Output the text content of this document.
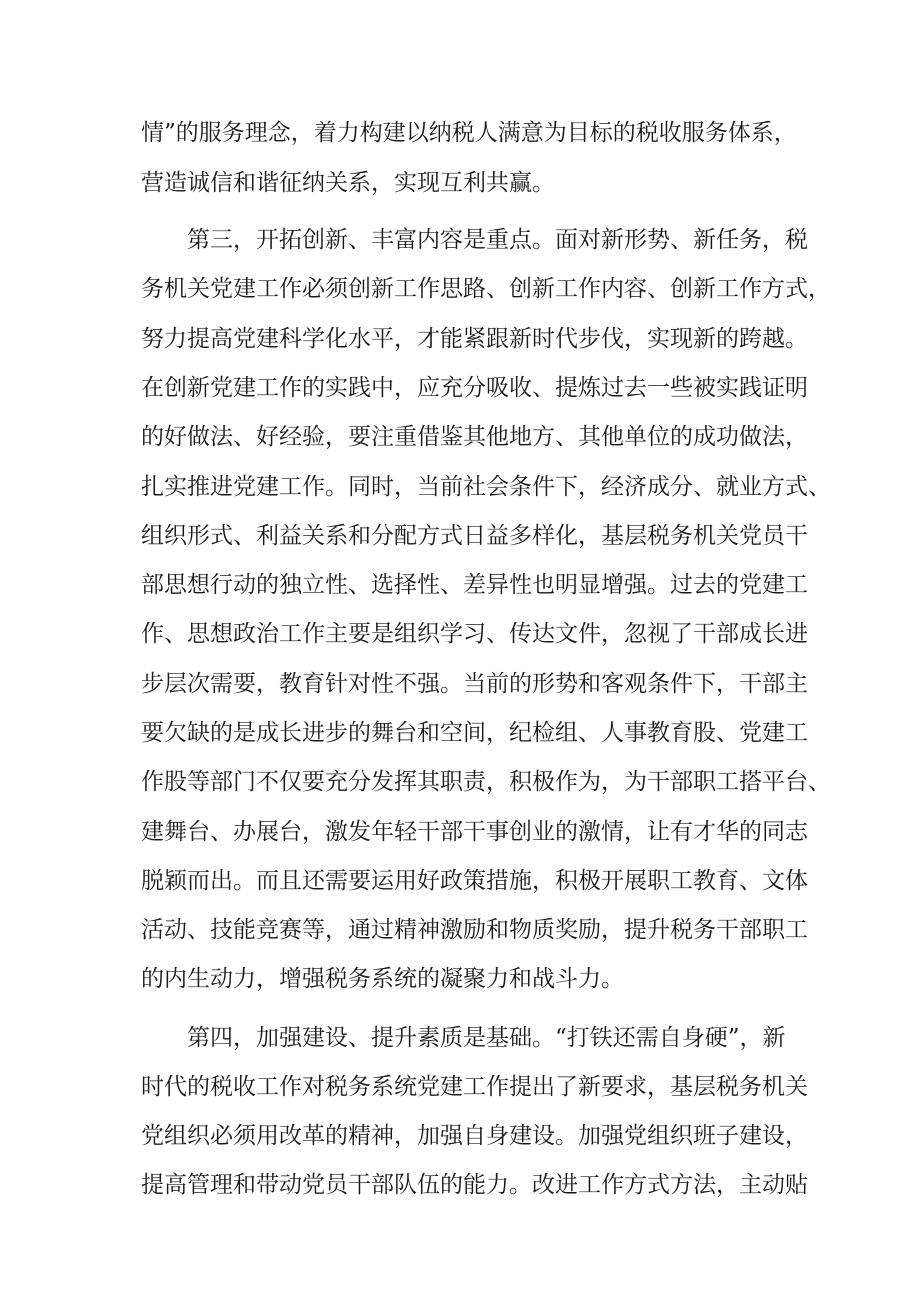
情”的服务理念，着力构建以纳税人满意为目标的税收服务体系，
营造诚信和谐征纳关系，实现互利共赢。
第三，开拓创新、丰富内容是重点。面对新形势、新任务，税
务机关党建工作必须创新工作思路、创新工作内容、创新工作方式，
努力提高党建科学化水平，才能紧跟新时代步伐，实现新的跨越。
在创新党建工作的实践中，应充分吸收、提炼过去一些被实践证明
的好做法、好经验，要注重借鉴其他地方、其他单位的成功做法，
扎实推进党建工作。同时，当前社会条件下，经济成分、就业方式、
组织形式、利益关系和分配方式日益多样化，基层税务机关党员干
部思想行动的独立性、选择性、差异性也明显增强。过去的党建工
作、思想政治工作主要是组织学习、传达文件，忽视了干部成长进
步层次需要，教育针对性不强。当前的形势和客观条件下，干部主
要欠缺的是成长进步的舞台和空间，纪检组、人事教育股、党建工
作股等部门不仅要充分发挥其职责，积极作为，为干部职工搭平台、
建舞台、办展台，激发年轻干部干事创业的激情，让有才华的同志
脱颖而出。而且还需要运用好政策措施，积极开展职工教育、文体
活动、技能竞赛等，通过精神激励和物质奖励，提升税务干部职工
的内生动力，增强税务系统的凝聚力和战斗力。
第四，加强建设、提升素质是基础。“打铁还需自身硬”，新
时代的税收工作对税务系统党建工作提出了新要求，基层税务机关
党组织必须用改革的精神，加强自身建设。加强党组织班子建设，
提高管理和带动党员干部队伍的能力。改进工作方式方法，主动贴
